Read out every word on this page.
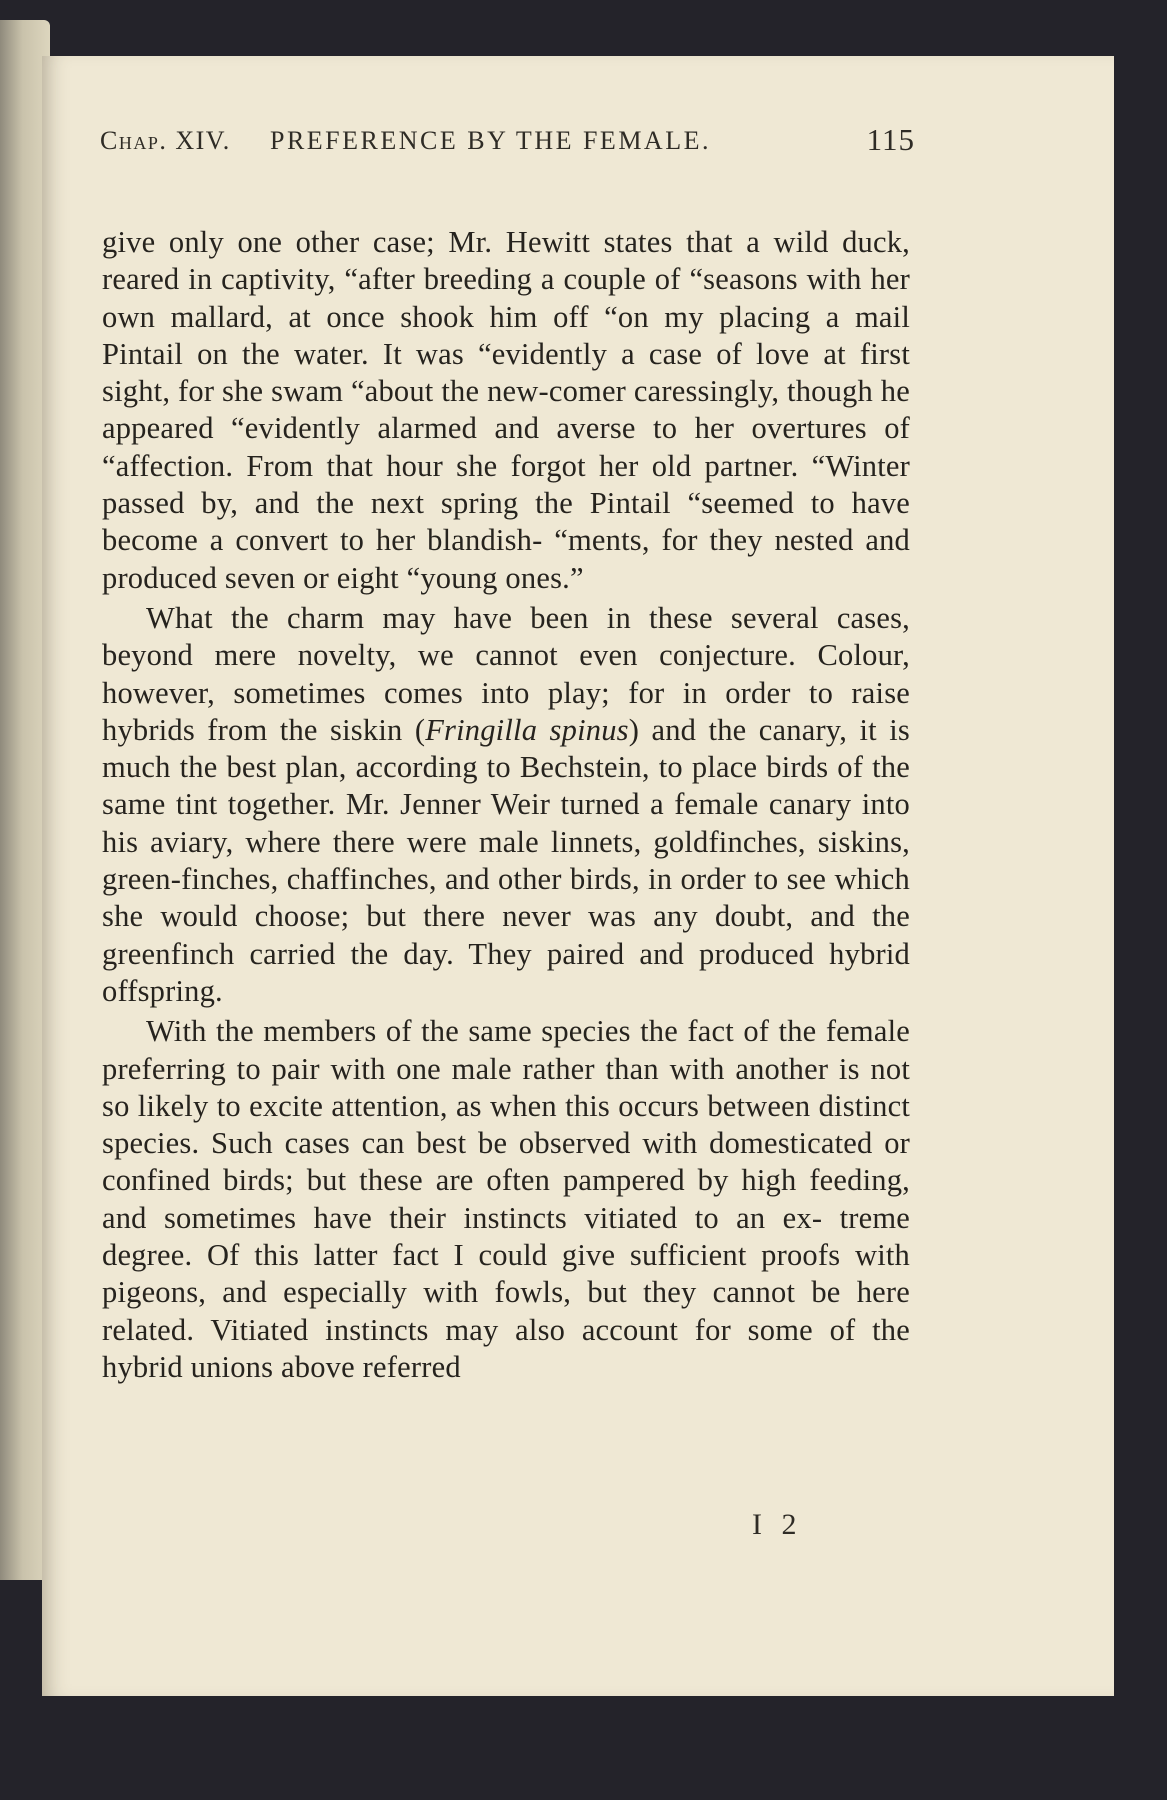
Chap. XIV. PREFERENCE BY THE FEMALE.	115

give only one other case; Mr. Hewitt states that a wild duck, reared in captivity, “after breeding a couple of “seasons with her own mallard, at once shook him off “on my placing a mail Pintail on the water. It was “evidently a case of love at first sight, for she swam “about the new-comer caressingly, though he appeared “evidently alarmed and averse to her overtures of “affection. From that hour she forgot her old partner. “Winter passed by, and the next spring the Pintail “seemed to have become a convert to her blandish- “ments, for they nested and produced seven or eight “young ones.”

What the charm may have been in these several cases, beyond mere novelty, we cannot even conjecture. Colour, however, sometimes comes into play; for in order to raise hybrids from the siskin (Fringilla spinus) and the canary, it is much the best plan, according to Bechstein, to place birds of the same tint together. Mr. Jenner Weir turned a female canary into his aviary, where there were male linnets, goldfinches, siskins, green-finches, chaffinches, and other birds, in order to see which she would choose; but there never was any doubt, and the greenfinch carried the day. They paired and produced hybrid offspring.

With the members of the same species the fact of the female preferring to pair with one male rather than with another is not so likely to excite attention, as when this occurs between distinct species. Such cases can best be observed with domesticated or confined birds; but these are often pampered by high feeding, and sometimes have their instincts vitiated to an ex- treme degree. Of this latter fact I could give sufficient proofs with pigeons, and especially with fowls, but they cannot be here related. Vitiated instincts may also account for some of the hybrid unions above referred

I 2
